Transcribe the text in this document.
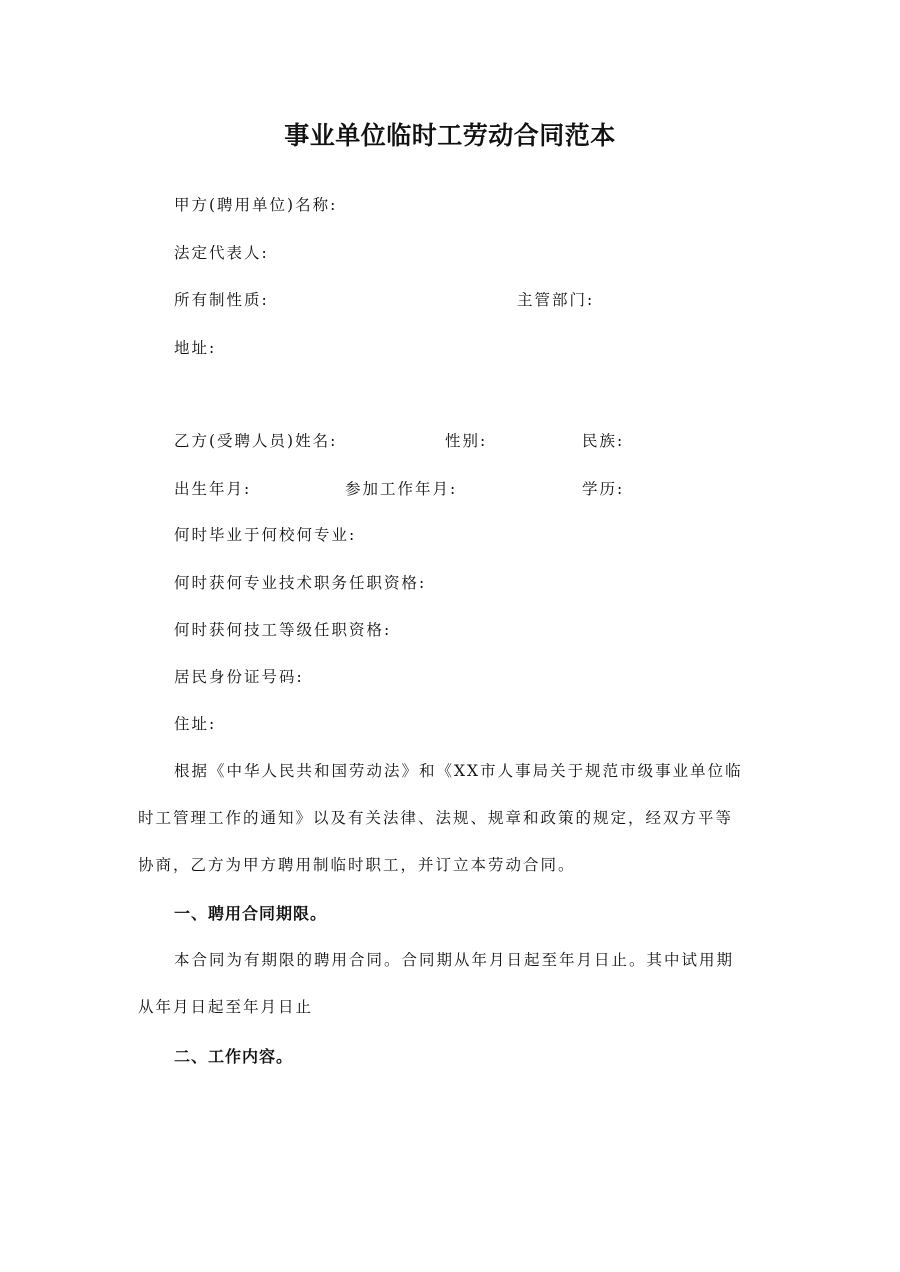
事业单位临时工劳动合同范本
甲方(聘用单位)名称:
法定代表人:
所有制性质:	主管部门:
地址:
乙方(受聘人员)姓名:	性别:	民族:
出生年月:	参加工作年月:	学历:
何时毕业于何校何专业:
何时获何专业技术职务任职资格:
何时获何技工等级任职资格:
居民身份证号码:
住址:
根据《中华人民共和国劳动法》和《XX市人事局关于规范市级事业单位临
时工管理工作的通知》以及有关法律、法规、规章和政策的规定，经双方平等
协商，乙方为甲方聘用制临时职工，并订立本劳动合同。
一、聘用合同期限。
本合同为有期限的聘用合同。合同期从年月日起至年月日止。其中试用期
从年月日起至年月日止
二、工作内容。
